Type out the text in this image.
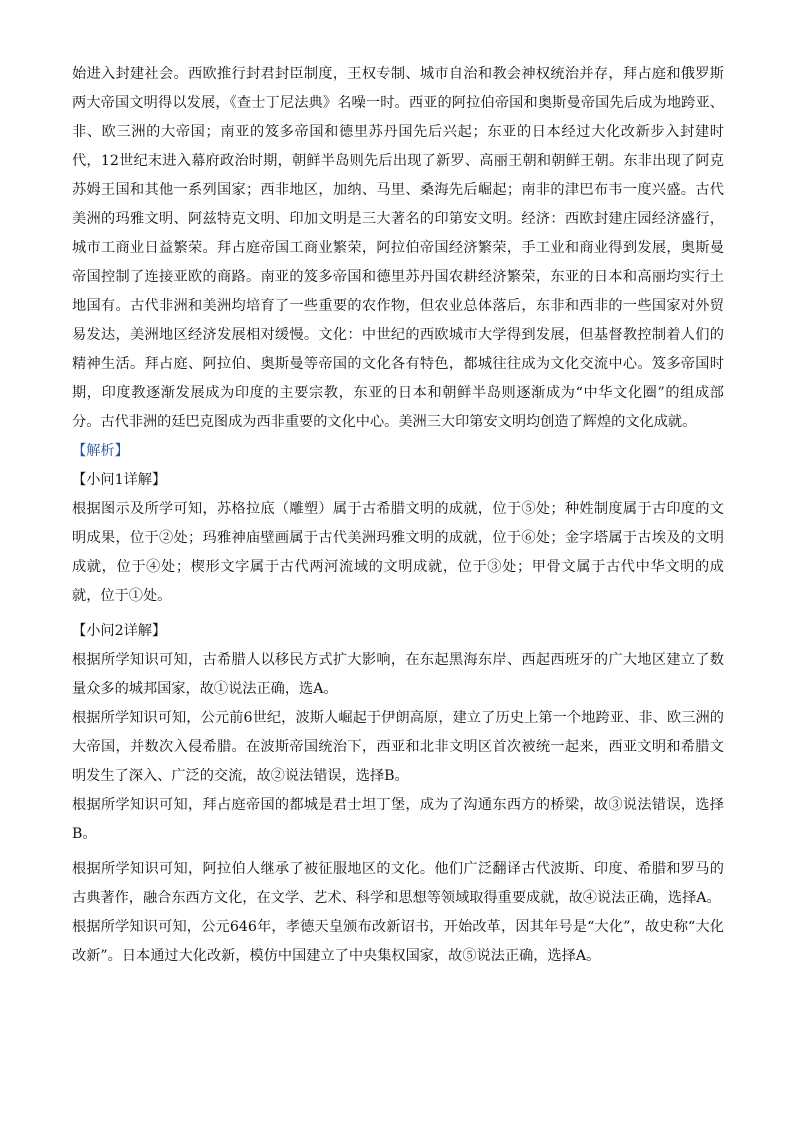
始进入封建社会。西欧推行封君封臣制度，王权专制、城市自治和教会神权统治并存，拜占庭和俄罗斯两大帝国文明得以发展，《查士丁尼法典》名噪一时。西亚的阿拉伯帝国和奥斯曼帝国先后成为地跨亚、非、欧三洲的大帝国；南亚的笈多帝国和德里苏丹国先后兴起；东亚的日本经过大化改新步入封建时代，12世纪末进入幕府政治时期，朝鲜半岛则先后出现了新罗、高丽王朝和朝鲜王朝。东非出现了阿克苏姆王国和其他一系列国家；西非地区，加纳、马里、桑海先后崛起；南非的津巴布韦一度兴盛。古代美洲的玛雅文明、阿兹特克文明、印加文明是三大著名的印第安文明。经济：西欧封建庄园经济盛行，城市工商业日益繁荣。拜占庭帝国工商业繁荣，阿拉伯帝国经济繁荣，手工业和商业得到发展，奥斯曼帝国控制了连接亚欧的商路。南亚的笈多帝国和德里苏丹国农耕经济繁荣，东亚的日本和高丽均实行土地国有。古代非洲和美洲均培育了一些重要的农作物，但农业总体落后，东非和西非的一些国家对外贸易发达，美洲地区经济发展相对缓慢。文化：中世纪的西欧城市大学得到发展，但基督教控制着人们的精神生活。拜占庭、阿拉伯、奥斯曼等帝国的文化各有特色，都城往往成为文化交流中心。笈多帝国时期，印度教逐渐发展成为印度的主要宗教，东亚的日本和朝鲜半岛则逐渐成为“中华文化圈”的组成部分。古代非洲的廷巴克图成为西非重要的文化中心。美洲三大印第安文明均创造了辉煌的文化成就。

【解析】

【小问1详解】

根据图示及所学可知，苏格拉底（雕塑）属于古希腊文明的成就，位于⑤处；种姓制度属于古印度的文明成果，位于②处；玛雅神庙壁画属于古代美洲玛雅文明的成就，位于⑥处；金字塔属于古埃及的文明成就，位于④处；楔形文字属于古代两河流域的文明成就，位于③处；甲骨文属于古代中华文明的成就，位于①处。

【小问2详解】

根据所学知识可知，古希腊人以移民方式扩大影响，在东起黑海东岸、西起西班牙的广大地区建立了数量众多的城邦国家，故①说法正确，选A。

根据所学知识可知，公元前6世纪，波斯人崛起于伊朗高原，建立了历史上第一个地跨亚、非、欧三洲的大帝国，并数次入侵希腊。在波斯帝国统治下，西亚和北非文明区首次被统一起来，西亚文明和希腊文明发生了深入、广泛的交流，故②说法错误，选择B。

根据所学知识可知，拜占庭帝国的都城是君士坦丁堡，成为了沟通东西方的桥梁，故③说法错误，选择B。

根据所学知识可知，阿拉伯人继承了被征服地区的文化。他们广泛翻译古代波斯、印度、希腊和罗马的古典著作，融合东西方文化，在文学、艺术、科学和思想等领域取得重要成就，故④说法正确，选择A。

根据所学知识可知，公元646年，孝德天皇颁布改新诏书，开始改革，因其年号是“大化”，故史称“大化改新”。日本通过大化改新，模仿中国建立了中央集权国家，故⑤说法正确，选择A。
